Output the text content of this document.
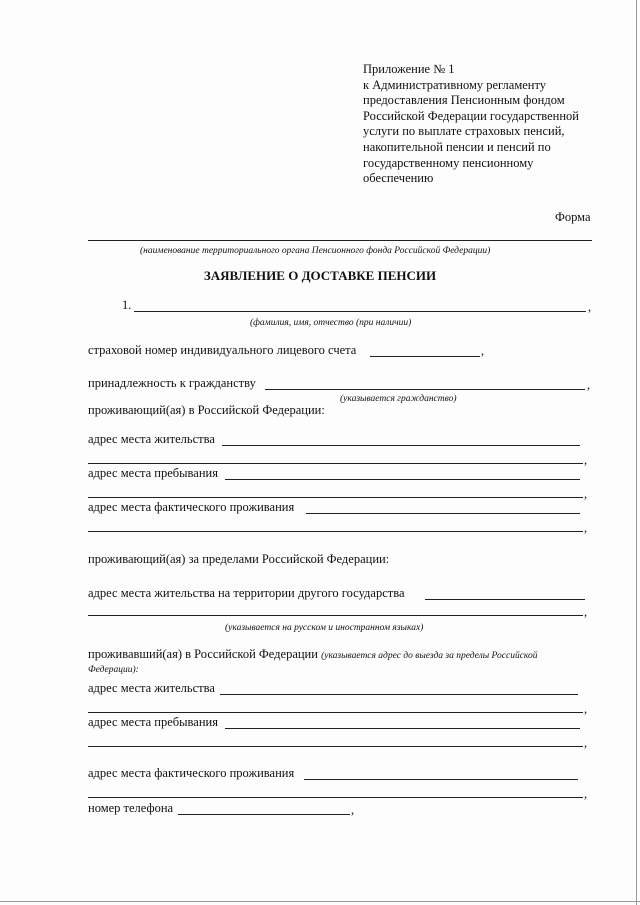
Приложение № 1
к Административному регламенту
предоставления Пенсионным фондом
Российской Федерации государственной
услуги по выплате страховых пенсий,
накопительной пенсии и пенсий по
государственному пенсионному
обеспечению
Форма
(наименование территориального органа Пенсионного фонда Российской Федерации)
ЗАЯВЛЕНИЕ О ДОСТАВКЕ ПЕНСИИ
1.	,
(фамилия, имя, отчество (при наличии)
страховой номер индивидуального лицевого счета	,
принадлежность к гражданству	,
(указывается гражданство)
проживающий(ая) в Российской Федерации:
адрес места жительства
,
адрес места пребывания
,
адрес места фактического проживания
,
проживающий(ая) за пределами Российской Федерации:
адрес места жительства на территории другого государства
,
(указывается на русском и иностранном языках)
проживавший(ая) в Российской Федерации (указывается адрес до выезда за пределы Российской
Федерации):
адрес места жительства
,
адрес места пребывания
,
адрес места фактического проживания
,
номер телефона	,
